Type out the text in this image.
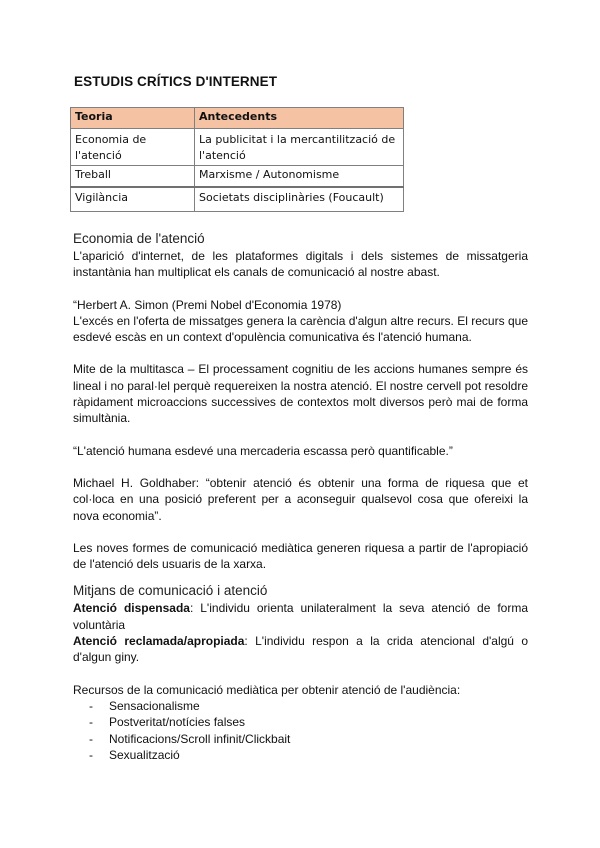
ESTUDIS CRÍTICS D'INTERNET
Teoria	Antecedents
Economia de l'atenció	La publicitat i la mercantilització de l'atenció
Treball	Marxisme / Autonomisme
Vigilància	Societats disciplinàries (Foucault)

Economia de l'atenció

L'aparició d'internet, de les plataformes digitals i dels sistemes de missatgeria instantània han multiplicat els canals de comunicació al nostre abast.

“Herbert A. Simon (Premi Nobel d'Economia 1978)

L'excés en l'oferta de missatges genera la carència d'algun altre recurs. El recurs que esdevé escàs en un context d'opulència comunicativa és l'atenció humana.

Mite de la multitasca – El processament cognitiu de les accions humanes sempre és lineal i no paral·lel perquè requereixen la nostra atenció. El nostre cervell pot resoldre ràpidament microaccions successives de contextos molt diversos però mai de forma simultània.

“L'atenció humana esdevé una mercaderia escassa però quantificable.”

Michael H. Goldhaber: “obtenir atenció és obtenir una forma de riquesa que et col·loca en una posició preferent per a aconseguir qualsevol cosa que ofereixi la nova economia”.

Les noves formes de comunicació mediàtica generen riquesa a partir de l'apropiació de l'atenció dels usuaris de la xarxa.

Mitjans de comunicació i atenció

Atenció dispensada: L'individu orienta unilateralment la seva atenció de forma voluntària

Atenció reclamada/apropiada: L'individu respon a la crida atencional d'algú o d'algun giny.

Recursos de la comunicació mediàtica per obtenir atenció de l'audiència:

-	Sensacionalisme
-	Postveritat/notícies falses
-	Notificacions/Scroll infinit/Clickbait
-	Sexualització
